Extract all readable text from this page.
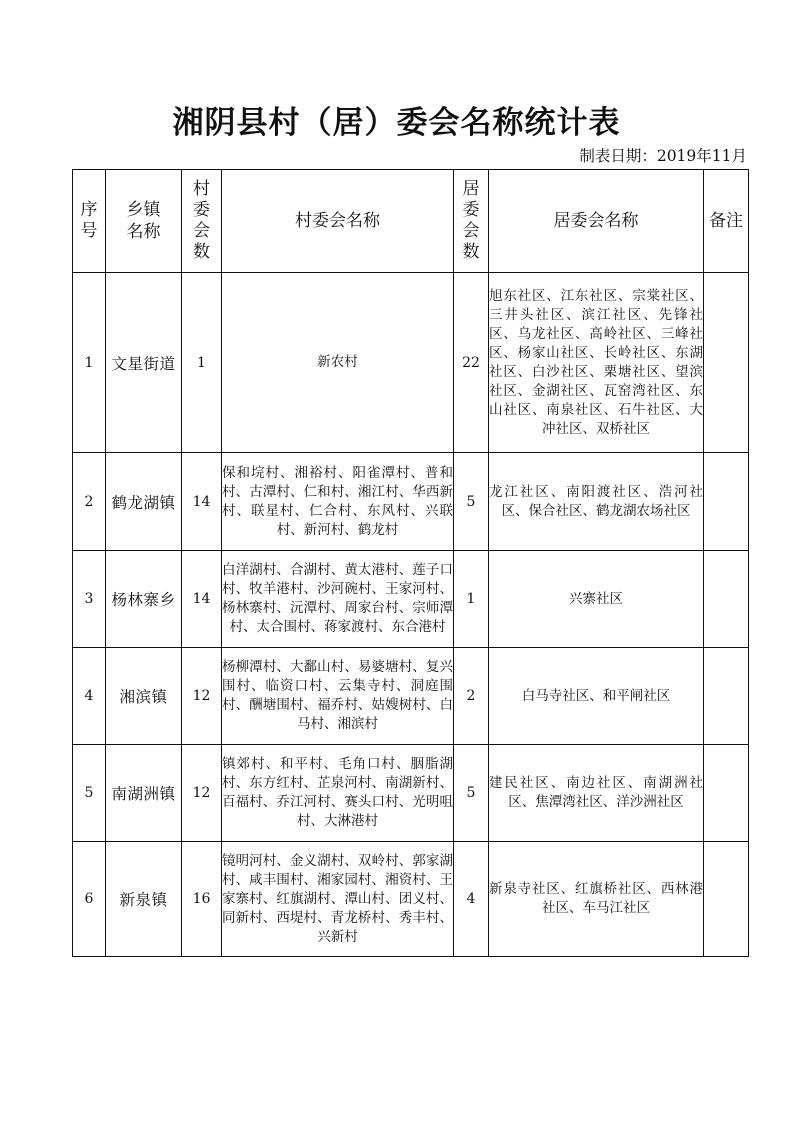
湘阴县村（居）委会名称统计表
制表日期：2019年11月
序号	乡镇名称	村委会数	村委会名称	居委会数	居委会名称	备注

1	文星街道	1	新农村	22	旭东社区、江东社区、宗棠社区、三井头社区、滨江社区、先锋社区、乌龙社区、高岭社区、三峰社区、杨家山社区、长岭社区、东湖社区、白沙社区、栗塘社区、望滨社区、金湖社区、瓦窑湾社区、东山社区、南泉社区、石牛社区、大冲社区、双桥社区	

2	鹤龙湖镇	14	保和垸村、湘裕村、阳雀潭村、普和村、古潭村、仁和村、湘江村、华西新村、联星村、仁合村、东风村、兴联村、新河村、鹤龙村	5	龙江社区、南阳渡社区、浩河社区、保合社区、鹤龙湖农场社区	

3	杨林寨乡	14	白洋湖村、合湖村、黄太港村、莲子口村、牧羊港村、沙河碗村、王家河村、杨林寨村、沅潭村、周家台村、宗师潭村、太合围村、蒋家渡村、东合港村	1	兴寨社区	

4	湘滨镇	12	杨柳潭村、大鄱山村、易婆塘村、复兴围村、临资口村、云集寺村、洞庭围村、酬塘围村、福乔村、姑嫂树村、白马村、湘滨村	2	白马寺社区、和平闸社区	

5	南湖洲镇	12	镇郊村、和平村、毛角口村、胭脂湖村、东方红村、芷泉河村、南湖新村、百福村、乔江河村、赛头口村、光明咀村、大淋港村	5	建民社区、南边社区、南湖洲社区、焦潭湾社区、洋沙洲社区	

6	新泉镇	16	镜明河村、金义湖村、双岭村、郭家湖村、咸丰围村、湘家园村、湘资村、王家寨村、红旗湖村、潭山村、团义村、同新村、西堤村、青龙桥村、秀丰村、兴新村	4	新泉寺社区、红旗桥社区、西林港社区、车马江社区	
